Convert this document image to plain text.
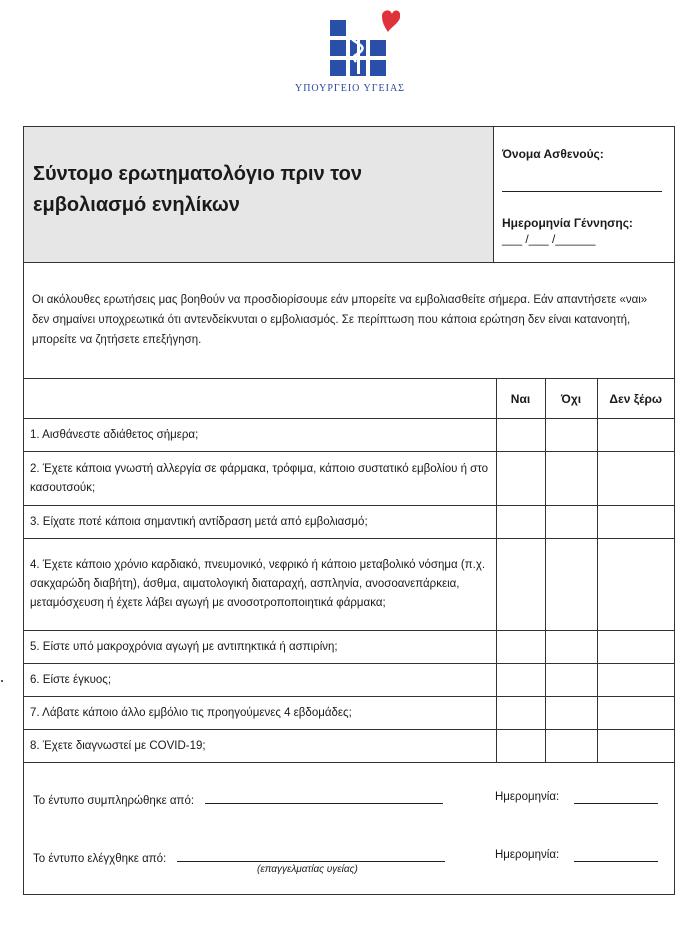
ΥΠΟΥΡΓΕΙΟ ΥΓΕΙΑΣ
Σύντομο ερωτηματολόγιο πριν τον
εμβολιασμό ενηλίκων
Όνομα Ασθενούς:
Ημερομηνία Γέννησης:
___ /___ /______
Οι ακόλουθες ερωτήσεις μας βοηθούν να προσδιορίσουμε εάν μπορείτε να εμβολιασθείτε σήμερα. Εάν απαντήσετε «ναι» δεν σημαίνει υποχρεωτικά ότι αντενδείκνυται ο εμβολιασμός. Σε περίπτωση που κάποια ερώτηση δεν είναι κατανοητή, μπορείτε να ζητήσετε επεξήγηση.
	Ναι	Όχι	Δεν ξέρω
1. Αισθάνεστε αδιάθετος σήμερα;			
2. Έχετε κάποια γνωστή αλλεργία σε φάρμακα, τρόφιμα, κάποιο συστατικό εμβολίου ή στο κασουτσούκ;			
3. Είχατε ποτέ κάποια σημαντική αντίδραση μετά από εμβολιασμό;			
4. Έχετε κάποιο χρόνιο καρδιακό, πνευμονικό, νεφρικό ή κάποιο μεταβολικό νόσημα (π.χ. σακχαρώδη διαβήτη), άσθμα, αιματολογική διαταραχή, ασπληνία, ανοσοανεπάρκεια, μεταμόσχευση ή έχετε λάβει αγωγή με ανοσοτροποποιητικά φάρμακα;			
5. Είστε υπό μακροχρόνια αγωγή με αντιπηκτικά ή ασπιρίνη;			
6. Είστε έγκυος;			
7. Λάβατε κάποιο άλλο εμβόλιο τις προηγούμενες 4 εβδομάδες;			
8. Έχετε διαγνωστεί με COVID-19;			
Το έντυπο συμπληρώθηκε από:	Ημερομηνία:
Το έντυπο ελέγχθηκε από:	Ημερομηνία:
(επαγγελματίας υγείας)
